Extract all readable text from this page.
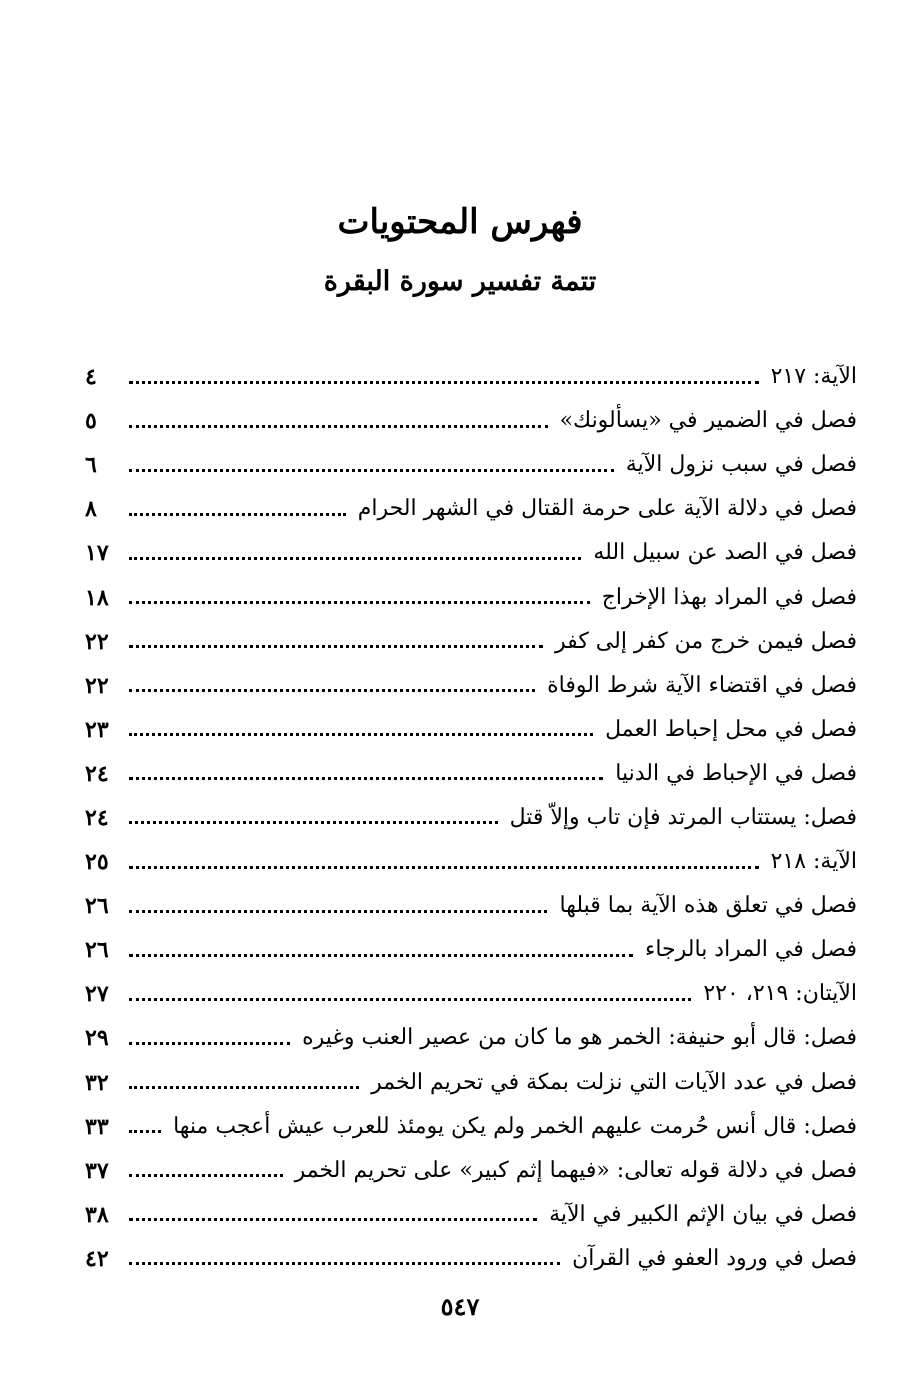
فهرس المحتويات
تتمة تفسير سورة البقرة
الآية: ٢١٧
٤
فصل في الضمير في «يسألونك»
٥
فصل في سبب نزول الآية
٦
فصل في دلالة الآية على حرمة القتال في الشهر الحرام
٨
فصل في الصد عن سبيل الله
١٧
فصل في المراد بهذا الإخراج
١٨
فصل فيمن خرج من كفر إلى كفر
٢٢
فصل في اقتضاء الآية شرط الوفاة
٢٢
فصل في محل إحباط العمل
٢٣
فصل في الإحباط في الدنيا
٢٤
فصل: يستتاب المرتد فإن تاب وإلاّ قتل
٢٤
الآية: ٢١٨
٢٥
فصل في تعلق هذه الآية بما قبلها
٢٦
فصل في المراد بالرجاء
٢٦
الآيتان: ٢١٩، ٢٢٠
٢٧
فصل: قال أبو حنيفة: الخمر هو ما كان من عصير العنب وغيره
٢٩
فصل في عدد الآيات التي نزلت بمكة في تحريم الخمر
٣٢
فصل: قال أنس حُرمت عليهم الخمر ولم يكن يومئذ للعرب عيش أعجب منها
٣٣
فصل في دلالة قوله تعالى: «فيهما إثم كبير» على تحريم الخمر
٣٧
فصل في بيان الإثم الكبير في الآية
٣٨
فصل في ورود العفو في القرآن
٤٢
٥٤٧
